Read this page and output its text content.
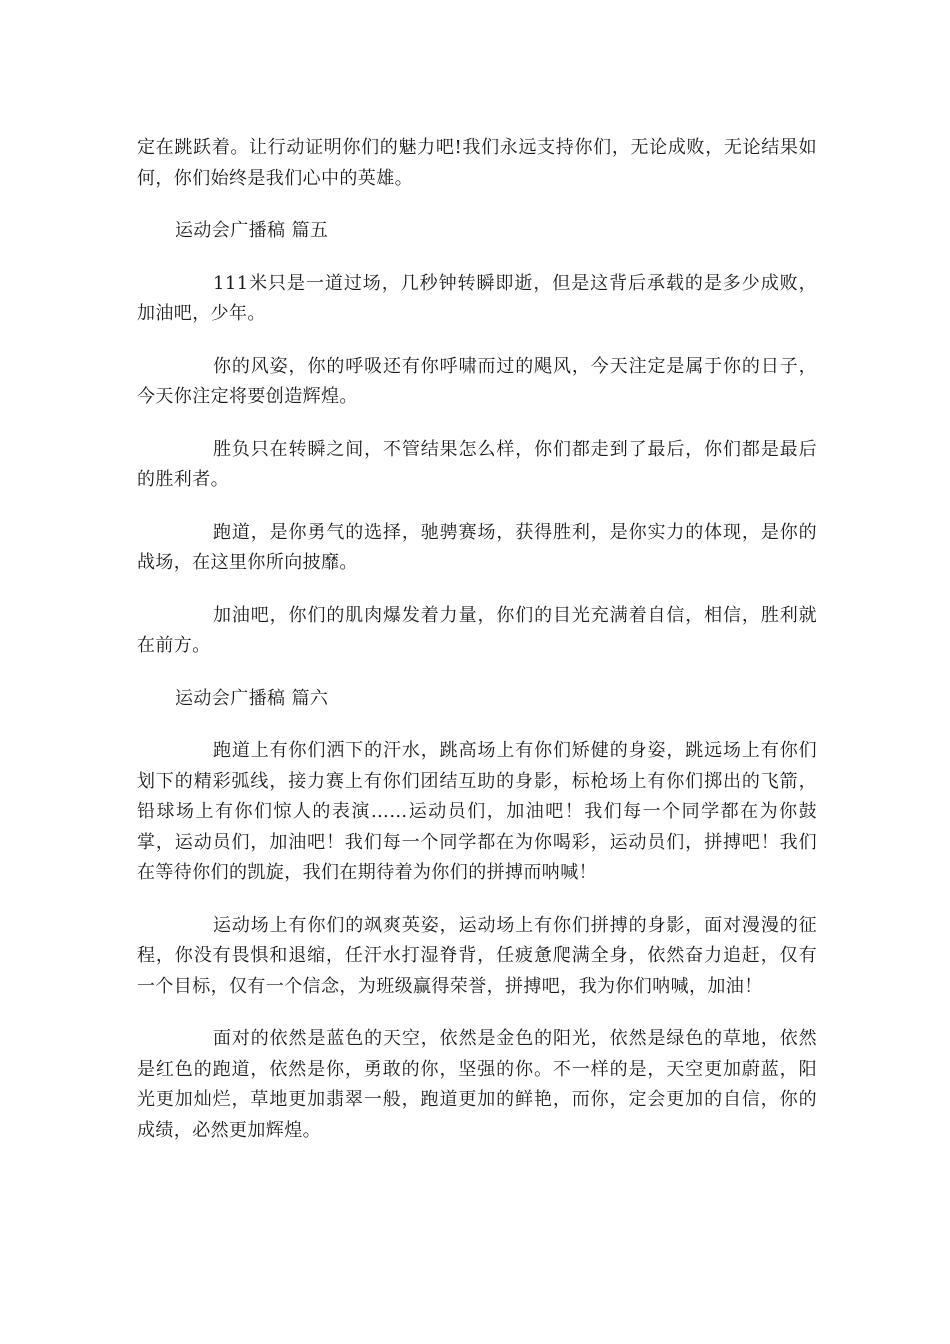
定在跳跃着。让行动证明你们的魅力吧!我们永远支持你们，无论成败，无论结果如何，你们始终是我们心中的英雄。

运动会广播稿 篇五

111米只是一道过场，几秒钟转瞬即逝，但是这背后承载的是多少成败，加油吧，少年。

你的风姿，你的呼吸还有你呼啸而过的飓风，今天注定是属于你的日子，今天你注定将要创造辉煌。

胜负只在转瞬之间，不管结果怎么样，你们都走到了最后，你们都是最后的胜利者。

跑道，是你勇气的选择，驰骋赛场，获得胜利，是你实力的体现，是你的战场，在这里你所向披靡。

加油吧，你们的肌肉爆发着力量，你们的目光充满着自信，相信，胜利就在前方。

运动会广播稿 篇六

跑道上有你们洒下的汗水，跳高场上有你们矫健的身姿，跳远场上有你们划下的精彩弧线，接力赛上有你们团结互助的身影，标枪场上有你们掷出的飞箭，铅球场上有你们惊人的表演……运动员们，加油吧！我们每一个同学都在为你鼓掌，运动员们，加油吧！我们每一个同学都在为你喝彩，运动员们，拼搏吧！我们在等待你们的凯旋，我们在期待着为你们的拼搏而呐喊！

运动场上有你们的飒爽英姿，运动场上有你们拼搏的身影，面对漫漫的征程，你没有畏惧和退缩，任汗水打湿脊背，任疲惫爬满全身，依然奋力追赶，仅有一个目标，仅有一个信念，为班级赢得荣誉，拼搏吧，我为你们呐喊，加油！

面对的依然是蓝色的天空，依然是金色的阳光，依然是绿色的草地，依然是红色的跑道，依然是你，勇敢的你，坚强的你。不一样的是，天空更加蔚蓝，阳光更加灿烂，草地更加翡翠一般，跑道更加的鲜艳，而你，定会更加的自信，你的成绩，必然更加辉煌。
